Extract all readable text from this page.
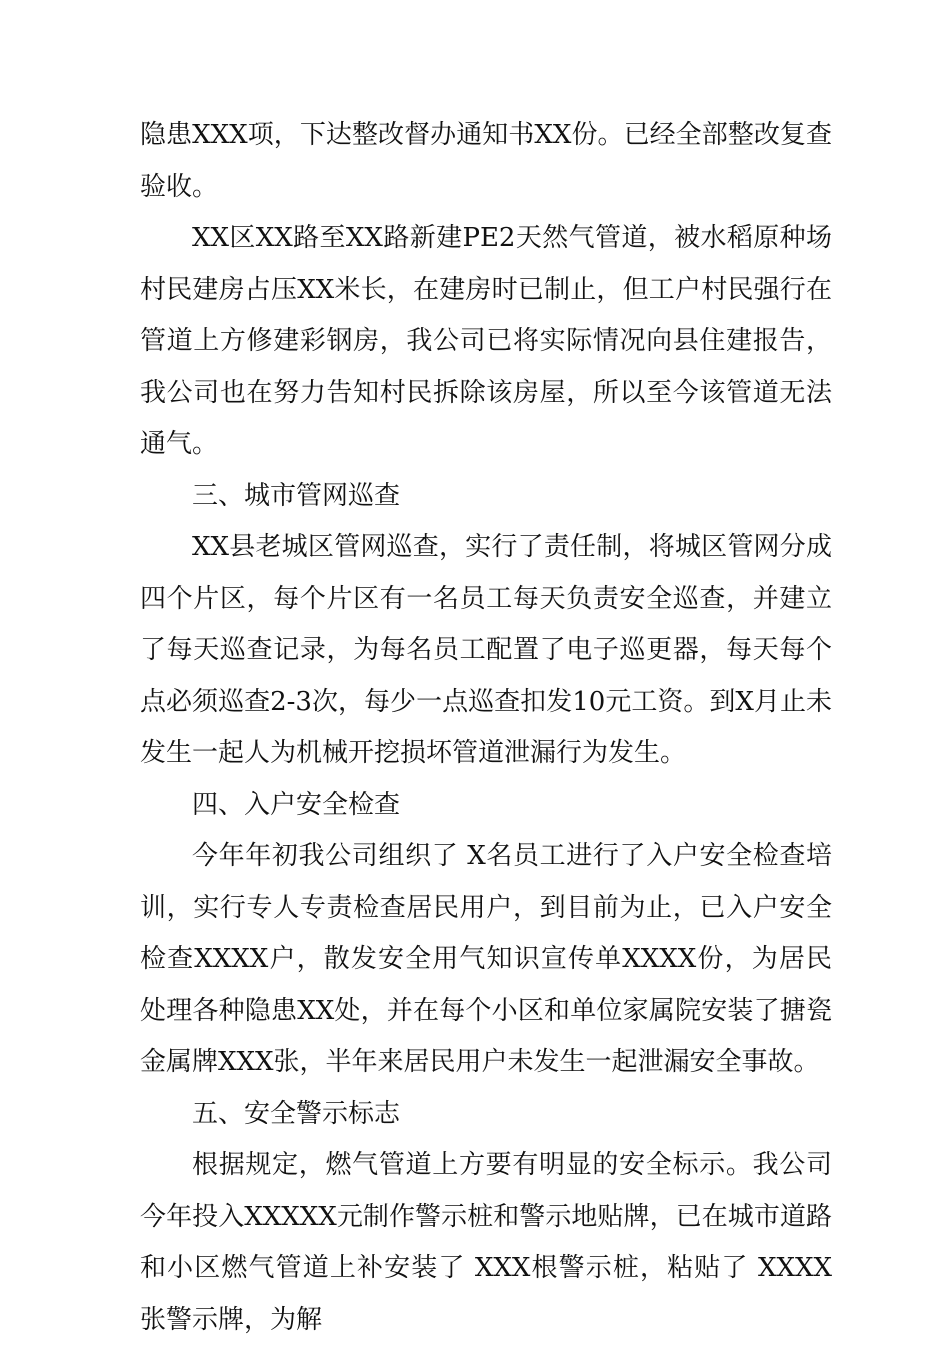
隐患XXX项，下达整改督办通知书XX份。已经全部整改复查验收。

XX区XX路至XX路新建PE2天然气管道，被水稻原种场村民建房占压XX米长，在建房时已制止，但工户村民强行在管道上方修建彩钢房，我公司已将实际情况向县住建报告，我公司也在努力告知村民拆除该房屋，所以至今该管道无法通气。

三、城市管网巡查

XX县老城区管网巡查，实行了责任制，将城区管网分成四个片区，每个片区有一名员工每天负责安全巡查，并建立了每天巡查记录，为每名员工配置了电子巡更器，每天每个点必须巡查2-3次，每少一点巡查扣发10元工资。到X月止未发生一起人为机械开挖损坏管道泄漏行为发生。

四、入户安全检查

今年年初我公司组织了 X名员工进行了入户安全检查培训，实行专人专责检查居民用户，到目前为止，已入户安全检查XXXX户，散发安全用气知识宣传单XXXX份，为居民处理各种隐患XX处，并在每个小区和单位家属院安装了搪瓷金属牌XXX张，半年来居民用户未发生一起泄漏安全事故。

五、安全警示标志

根据规定，燃气管道上方要有明显的安全标示。我公司今年投入XXXXX元制作警示桩和警示地贴牌，已在城市道路和小区燃气管道上补安装了 XXX根警示桩，粘贴了 XXXX张警示牌，为解
